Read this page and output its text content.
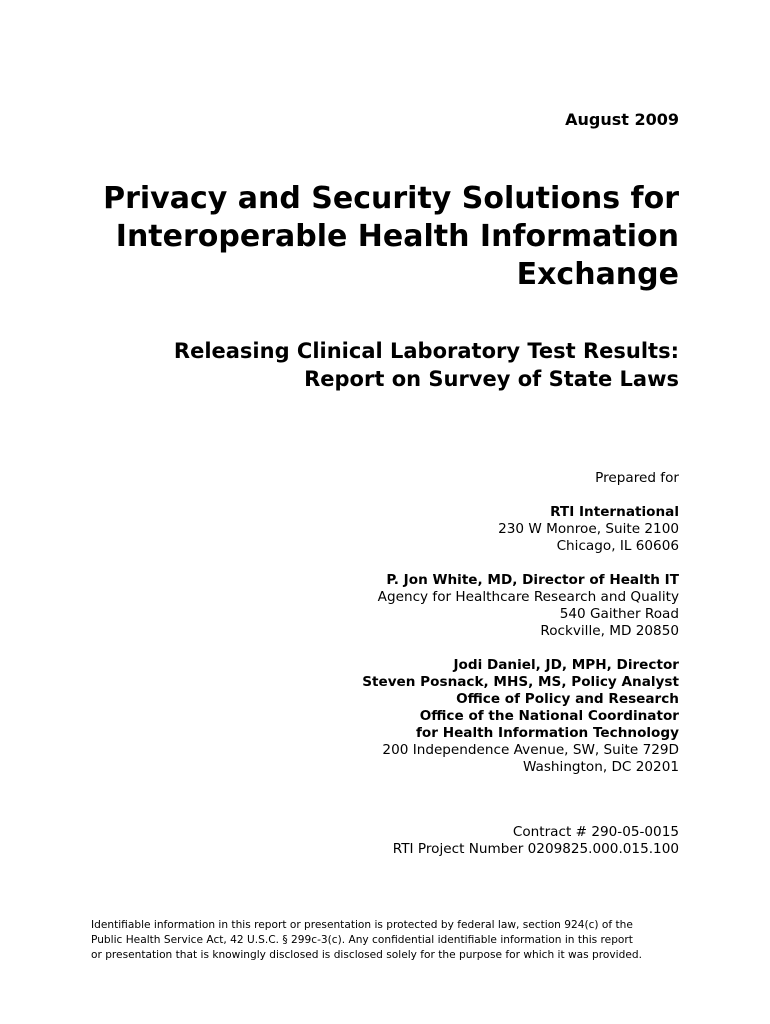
August 2009
Privacy and Security Solutions for
Interoperable Health Information
Exchange
Releasing Clinical Laboratory Test Results:
Report on Survey of State Laws
Prepared for
RTI International
230 W Monroe, Suite 2100
Chicago, IL 60606
P. Jon White, MD, Director of Health IT
Agency for Healthcare Research and Quality
540 Gaither Road
Rockville, MD 20850
Jodi Daniel, JD, MPH, Director
Steven Posnack, MHS, MS, Policy Analyst
Office of Policy and Research
Office of the National Coordinator
for Health Information Technology
200 Independence Avenue, SW, Suite 729D
Washington, DC 20201
Contract # 290-05-0015
RTI Project Number 0209825.000.015.100
Identifiable information in this report or presentation is protected by federal law, section 924(c) of the
Public Health Service Act, 42 U.S.C. § 299c-3(c). Any confidential identifiable information in this report
or presentation that is knowingly disclosed is disclosed solely for the purpose for which it was provided.
